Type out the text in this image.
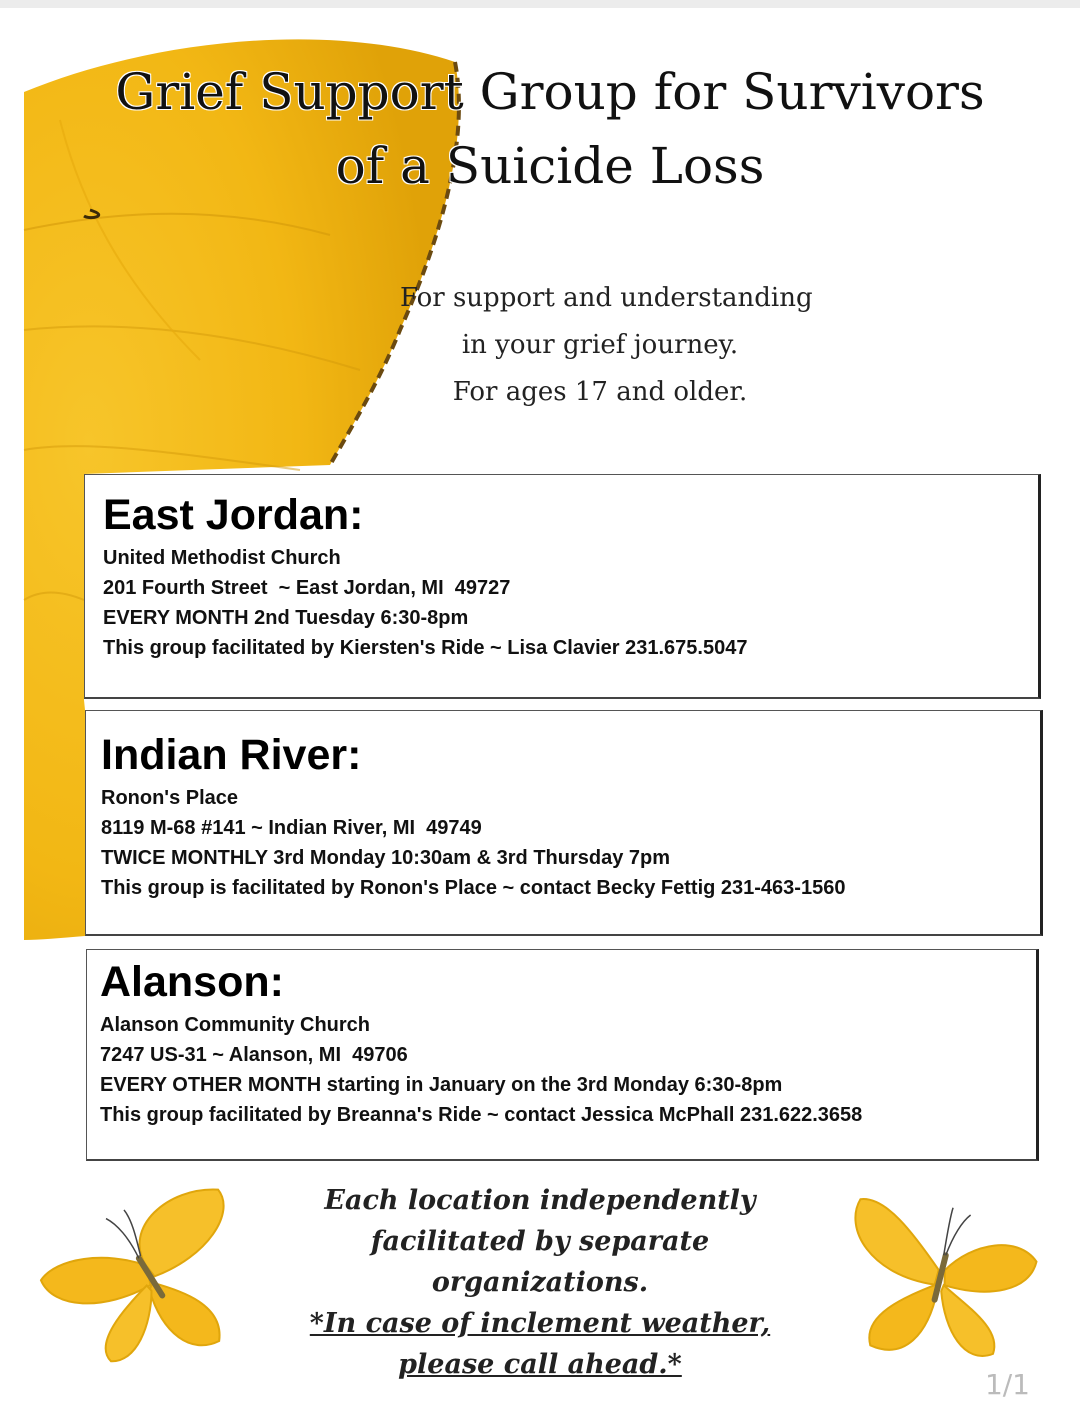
Grief Support Group for Survivors
of a Suicide Loss
For support and understanding
in your grief journey.
For ages 17 and older.
East Jordan:
United Methodist Church
201 Fourth Street  ~ East Jordan, MI  49727
EVERY MONTH 2nd Tuesday 6:30-8pm
This group facilitated by Kiersten's Ride ~ Lisa Clavier 231.675.5047
Indian River:
Ronon's Place
8119 M-68 #141 ~ Indian River, MI  49749
TWICE MONTHLY 3rd Monday 10:30am & 3rd Thursday 7pm
This group is facilitated by Ronon's Place ~ contact Becky Fettig 231-463-1560
Alanson:
Alanson Community Church
7247 US-31 ~ Alanson, MI  49706
EVERY OTHER MONTH starting in January on the 3rd Monday 6:30-8pm
This group facilitated by Breanna's Ride ~ contact Jessica McPhall 231.622.3658
Each location independently
facilitated by separate
organizations.
*In case of inclement weather,
please call ahead.*
1/1
